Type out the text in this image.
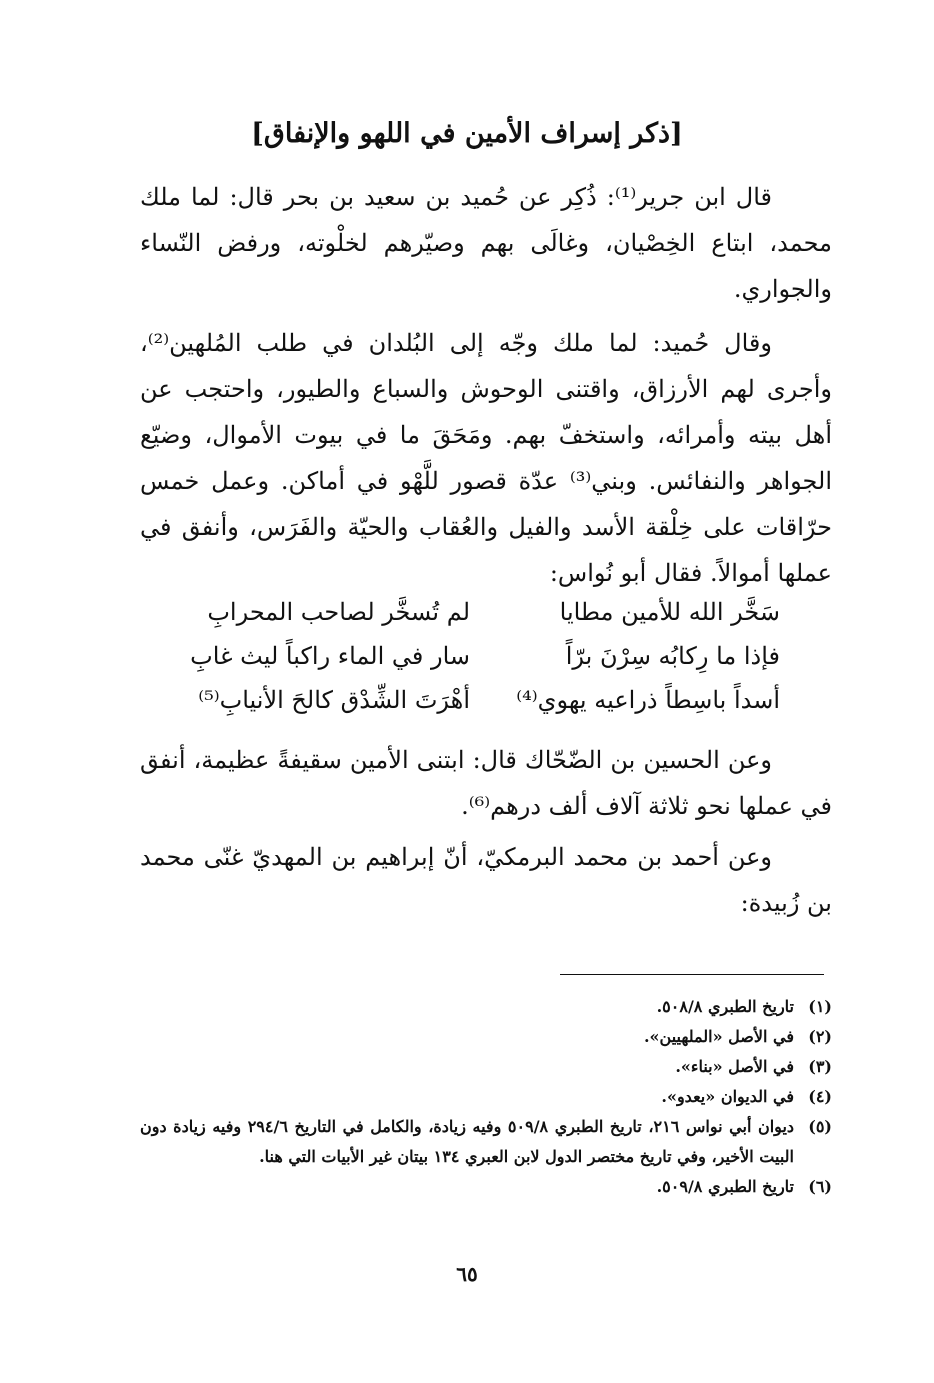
[ذكر إسراف الأمين في اللهو والإنفاق]

قال ابن جرير⁽¹⁾: ذُكِر عن حُميد بن سعيد بن بحر قال: لما ملك محمد، ابتاع الخِصْيان، وغالَى بهم وصيّرهم لخلْوته، ورفض النّساء والجواري.

وقال حُميد: لما ملك وجّه إلى البُلدان في طلب المُلهين⁽²⁾، وأجرى لهم الأرزاق، واقتنى الوحوش والسباع والطيور، واحتجب عن أهل بيته وأمرائه، واستخفّ بهم. ومَحَقَ ما في بيوت الأموال، وضيّع الجواهر والنفائس. وبني⁽³⁾ عدّة قصور للَّهْو في أماكن. وعمل خمس حرّاقات على خِلْقة الأسد والفيل والعُقاب والحيّة والفَرَس، وأنفق في عملها أموالاً. فقال أبو نُواس:

سَخَّر الله للأمين مطايا
لم تُسخَّر لصاحب المحرابِ
فإذا ما رِكابُه سِرْنَ برّاً
سار في الماء راكباً ليث غابِ
أسداً باسِطاً ذراعيه يهوي⁽⁴⁾
أهْرَتَ الشِّدْق كالحَ الأنيابِ⁽⁵⁾

وعن الحسين بن الضّحّاك قال: ابتنى الأمين سقيفةً عظيمة، أنفق في عملها نحو ثلاثة آلاف ألف درهم⁽⁶⁾.

وعن أحمد بن محمد البرمكيّ، أنّ إبراهيم بن المهديّ غنّى محمد بن زُبيدة:

(١)
تاريخ الطبري ٥٠٨/٨.
(٢)
في الأصل «الملهيين».
(٣)
في الأصل «بناء».
(٤)
في الديوان «يعدو».
(٥)
ديوان أبي نواس ٢١٦، تاريخ الطبري ٥٠٩/٨ وفيه زيادة، والكامل في التاريخ ٢٩٤/٦ وفيه زيادة دون البيت الأخير، وفي تاريخ مختصر الدول لابن العبري ١٣٤ بيتان غير الأبيات التي هنا.
(٦)
تاريخ الطبري ٥٠٩/٨.
٦٥
